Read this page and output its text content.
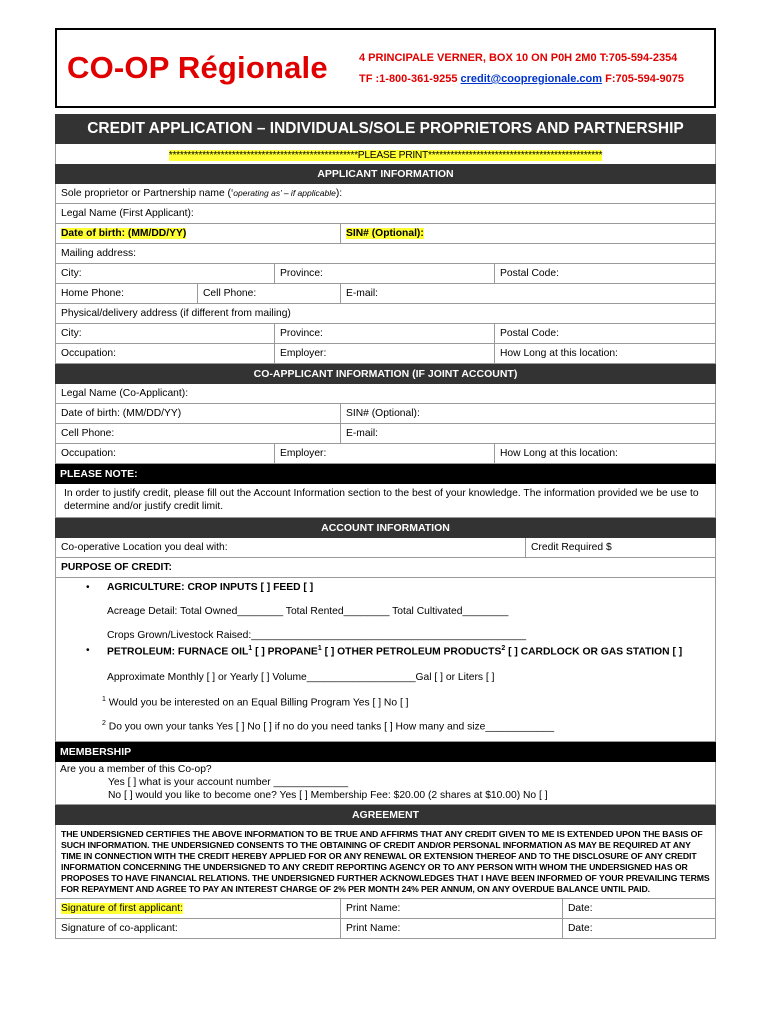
CO-OP Régionale	4 PRINCIPALE VERNER, BOX 10 ON P0H 2M0 T:705-594-2354
TF :1-800-361-9255 credit@coopregionale.com F:705-594-9075
CREDIT APPLICATION – INDIVIDUALS/SOLE PROPRIETORS AND PARTNERSHIP
***************************************************PLEASE PRINT***********************************************
APPLICANT INFORMATION
Sole proprietor or Partnership name (‘operating as’ – if applicable):
Legal Name (First Applicant):
Date of birth: (MM/DD/YY)	SIN# (Optional):
Mailing address:
City:	Province:	Postal Code:
Home Phone:	Cell Phone:	E-mail:
Physical/delivery address (if different from mailing)
City:	Province:	Postal Code:
Occupation:	Employer:	How Long at this location:
CO-APPLICANT INFORMATION (IF JOINT ACCOUNT)
Legal Name (Co-Applicant):
Date of birth: (MM/DD/YY)	SIN# (Optional):
Cell Phone:	E-mail:
Occupation:	Employer:	How Long at this location:
PLEASE NOTE:
In order to justify credit, please fill out the Account Information section to the best of your knowledge. The information provided we be use to determine and/or justify credit limit.
ACCOUNT INFORMATION
Co-operative Location you deal with:	Credit Required $
PURPOSE OF CREDIT:
• AGRICULTURE: CROP INPUTS [ ] FEED [ ]
Acreage Detail: Total Owned________ Total Rented________ Total Cultivated________
Crops Grown/Livestock Raised:________________________________________________
• PETROLEUM: FURNACE OIL$^1$ [ ] PROPANE$^1$ [ ] OTHER PETROLEUM PRODUCTS$^2$ [ ] CARDLOCK OR GAS STATION [ ]
Approximate Monthly [ ] or Yearly [ ] Volume___________________Gal [ ] or Liters [ ]
$^1$ Would you be interested on an Equal Billing Program Yes [ ] No [ ]
$^2$ Do you own your tanks Yes [ ] No [ ] if no do you need tanks [ ] How many and size____________
MEMBERSHIP
Are you a member of this Co-op?
Yes [ ] what is your account number _____________
No [ ] would you like to become one? Yes [ ] Membership Fee: $20.00 (2 shares at $10.00) No [ ]
AGREEMENT
THE UNDERSIGNED CERTIFIES THE ABOVE INFORMATION TO BE TRUE AND AFFIRMS THAT ANY CREDIT GIVEN TO ME IS EXTENDED UPON THE BASIS OF SUCH INFORMATION. THE UNDERSIGNED CONSENTS TO THE OBTAINING OF CREDIT AND/OR PERSONAL INFORMATION AS MAY BE REQUIRED AT ANY TIME IN CONNECTION WITH THE CREDIT HEREBY APPLIED FOR OR ANY RENEWAL OR EXTENSION THEREOF AND TO THE DISCLOSURE OF ANY CREDIT INFORMATION CONCERNING THE UNDERSIGNED TO ANY CREDIT REPORTING AGENCY OR TO ANY PERSON WITH WHOM THE UNDERSIGNED HAS OR PROPOSES TO HAVE FINANCIAL RELATIONS. THE UNDERSIGNED FURTHER ACKNOWLEDGES THAT I HAVE BEEN INFORMED OF YOUR PREVAILING TERMS FOR REPAYMENT AND AGREE TO PAY AN INTEREST CHARGE OF 2% PER MONTH 24% PER ANNUM, ON ANY OVERDUE BALANCE UNTIL PAID.
Signature of first applicant:	Print Name:	Date:
Signature of co-applicant:	Print Name:	Date:
